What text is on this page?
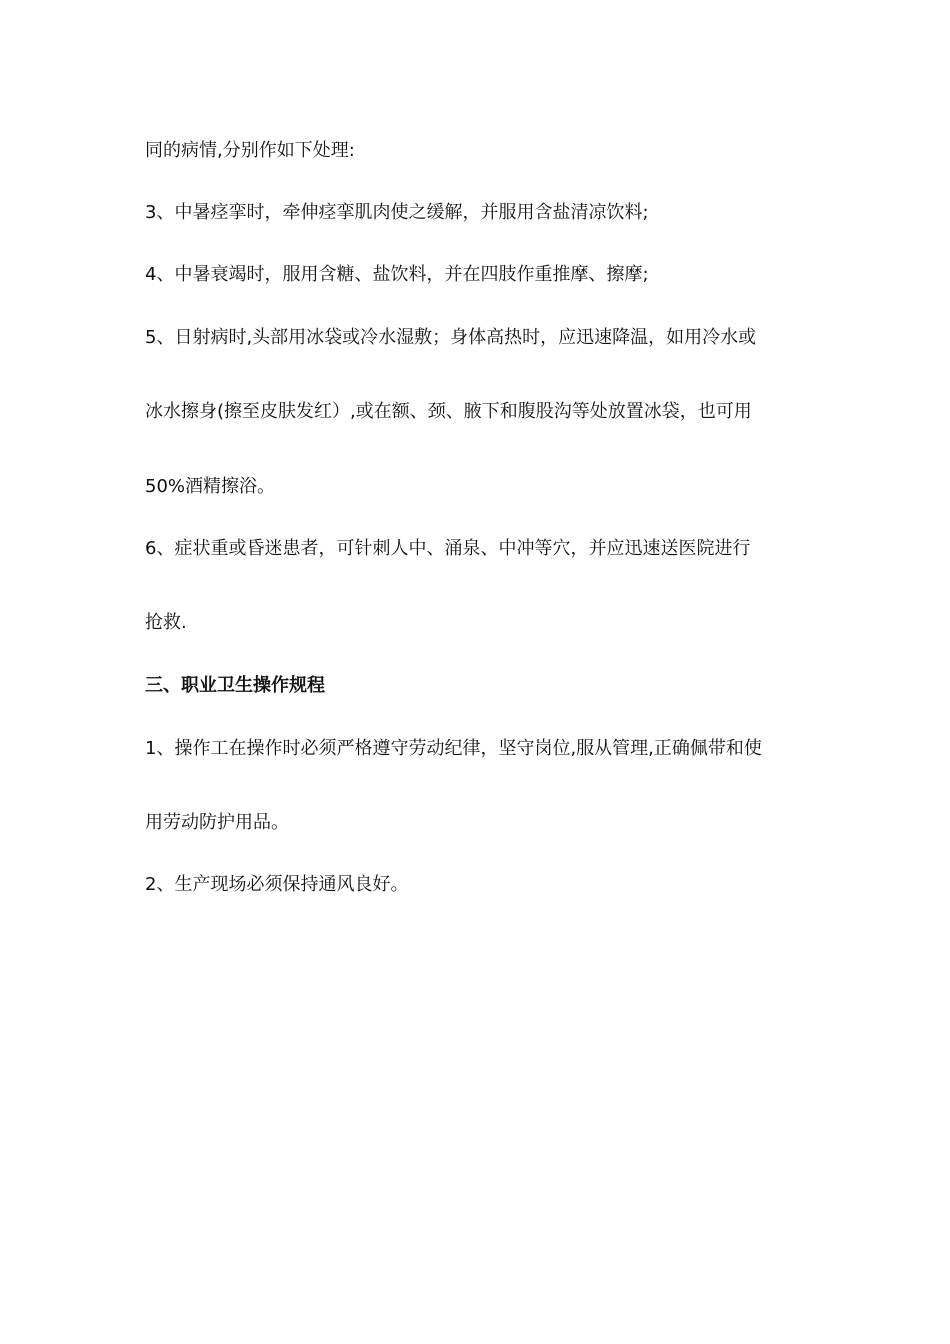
同的病情,分别作如下处理:
3、中暑痉挛时，牵伸痉挛肌肉使之缓解，并服用含盐清凉饮料;
4、中暑衰竭时，服用含糖、盐饮料，并在四肢作重推摩、擦摩;
5、日射病时,头部用冰袋或冷水湿敷；身体高热时，应迅速降温，如用冷水或
冰水擦身(擦至皮肤发红）,或在额、颈、腋下和腹股沟等处放置冰袋，也可用
50%酒精擦浴。
6、症状重或昏迷患者，可针刺人中、涌泉、中冲等穴，并应迅速送医院进行
抢救.
三、职业卫生操作规程
1、操作工在操作时必须严格遵守劳动纪律，坚守岗位,服从管理,正确佩带和使
用劳动防护用品。
2、生产现场必须保持通风良好。
